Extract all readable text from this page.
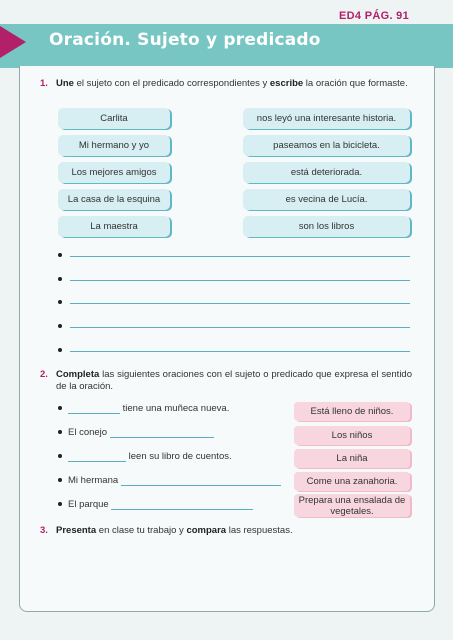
ED4 PÁG. 91
Oración. Sujeto y predicado
1. Une el sujeto con el predicado correspondientes y escribe la oración que formaste.
Carlita
Mi hermano y yo
Los mejores amigos
La casa de la esquina
La maestra
nos leyó una interesante historia.
paseamos en la bicicleta.
está deteriorada.
es vecina de Lucía.
son los libros
2. Completa las siguientes oraciones con el sujeto o predicado que expresa el sentido de la oración.
tiene una muñeca nueva.
El conejo
leen su libro de cuentos.
Mi hermana
El parque
Está lleno de niños.
Los niños
La niña
Come una zanahoria.
Prepara una ensalada de vegetales.
3. Presenta en clase tu trabajo y compara las respuestas.
